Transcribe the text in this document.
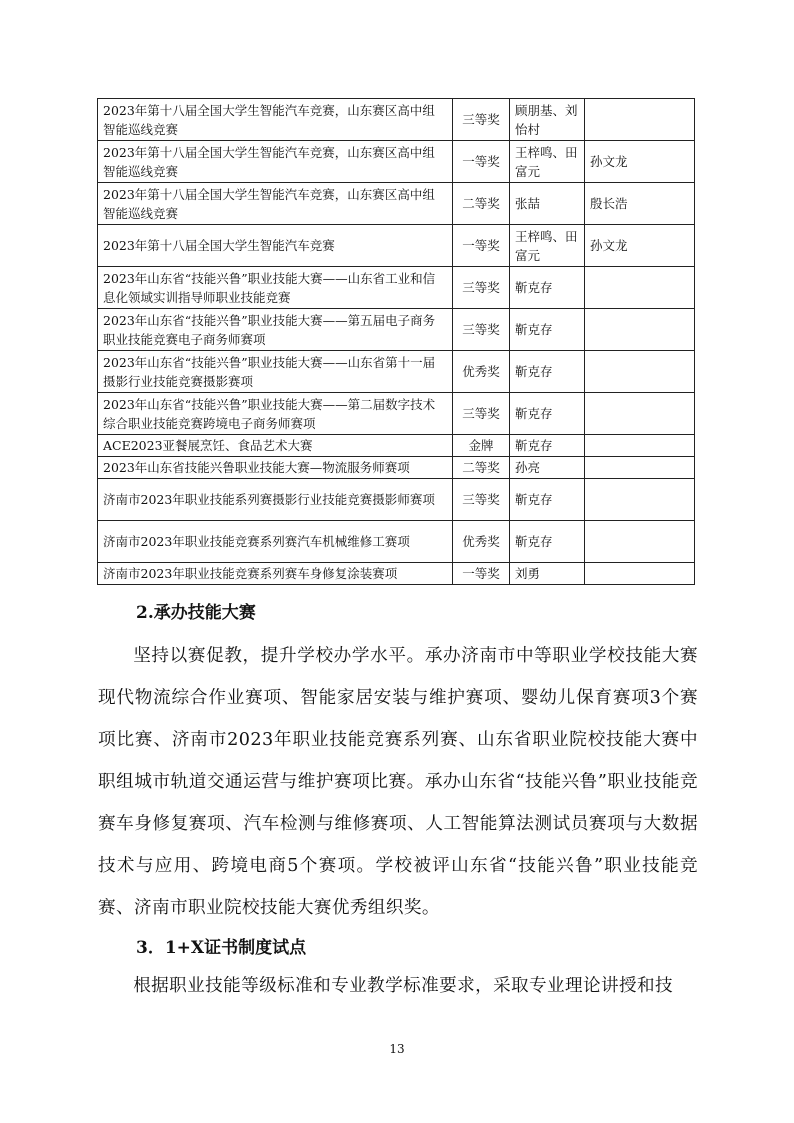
2023年第十八届全国大学生智能汽车竞赛，山东赛区高中组智能巡线竞赛	三等奖	顾朋基、刘怡村	
2023年第十八届全国大学生智能汽车竞赛，山东赛区高中组智能巡线竞赛	一等奖	王梓鸣、田富元	孙文龙
2023年第十八届全国大学生智能汽车竞赛，山东赛区高中组智能巡线竞赛	二等奖	张喆	殷长浩
2023年第十八届全国大学生智能汽车竞赛	一等奖	王梓鸣、田富元	孙文龙
2023年山东省“技能兴鲁”职业技能大赛——山东省工业和信息化领域实训指导师职业技能竞赛	三等奖	靳克存	
2023年山东省“技能兴鲁”职业技能大赛——第五届电子商务职业技能竞赛电子商务师赛项	三等奖	靳克存	
2023年山东省“技能兴鲁”职业技能大赛——山东省第十一届摄影行业技能竞赛摄影赛项	优秀奖	靳克存	
2023年山东省“技能兴鲁”职业技能大赛——第二届数字技术综合职业技能竞赛跨境电子商务师赛项	三等奖	靳克存	
ACE2023亚餐展烹饪、食品艺术大赛	金牌	靳克存	
2023年山东省技能兴鲁职业技能大赛—物流服务师赛项	二等奖	孙亮	
济南市2023年职业技能系列赛摄影行业技能竞赛摄影师赛项	三等奖	靳克存	
济南市2023年职业技能竞赛系列赛汽车机械维修工赛项	优秀奖	靳克存	
济南市2023年职业技能竞赛系列赛车身修复涂装赛项	一等奖	刘勇	
2.承办技能大赛

坚持以赛促教，提升学校办学水平。承办济南市中等职业学校技能大赛现代物流综合作业赛项、智能家居安装与维护赛项、婴幼儿保育赛项3个赛项比赛、济南市2023年职业技能竞赛系列赛、山东省职业院校技能大赛中职组城市轨道交通运营与维护赛项比赛。承办山东省“技能兴鲁”职业技能竞赛车身修复赛项、汽车检测与维修赛项、人工智能算法测试员赛项与大数据技术与应用、跨境电商5个赛项。学校被评山东省“技能兴鲁”职业技能竞赛、济南市职业院校技能大赛优秀组织奖。

3．1+X证书制度试点

根据职业技能等级标准和专业教学标准要求，采取专业理论讲授和技

13
